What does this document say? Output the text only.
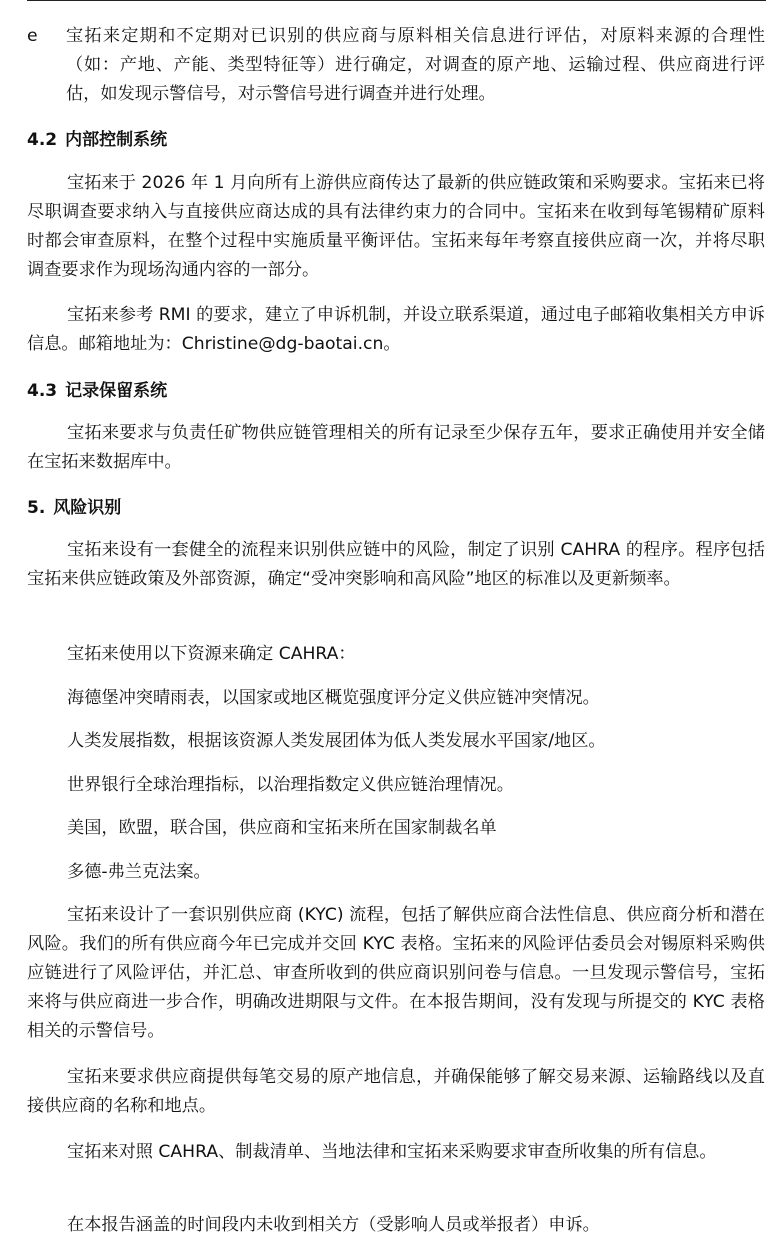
e	宝拓来定期和不定期对已识别的供应商与原料相关信息进行评估，对原料来源的合理性（如：产地、产能、类型特征等）进行确定，对调查的原产地、运输过程、供应商进行评估，如发现示警信号，对示警信号进行调查并进行处理。
4.2 内部控制系统

宝拓来于 2026 年 1 月向所有上游供应商传达了最新的供应链政策和采购要求。宝拓来已将尽职调查要求纳入与直接供应商达成的具有法律约束力的合同中。宝拓来在收到每笔锡精矿原料时都会审查原料，在整个过程中实施质量平衡评估。宝拓来每年考察直接供应商一次，并将尽职调查要求作为现场沟通内容的一部分。

宝拓来参考 RMI 的要求，建立了申诉机制，并设立联系渠道，通过电子邮箱收集相关方申诉信息。邮箱地址为：Christine@dg-baotai.cn。

4.3 记录保留系统

宝拓来要求与负责任矿物供应链管理相关的所有记录至少保存五年，要求正确使用并安全储在宝拓来数据库中。

5. 风险识别

宝拓来设有一套健全的流程来识别供应链中的风险，制定了识别 CAHRA 的程序。程序包括宝拓来供应链政策及外部资源，确定“受冲突影响和高风险”地区的标准以及更新频率。

宝拓来使用以下资源来确定 CAHRA：

海德堡冲突晴雨表，以国家或地区概览强度评分定义供应链冲突情况。

人类发展指数，根据该资源人类发展团体为低人类发展水平国家/地区。

世界银行全球治理指标，以治理指数定义供应链治理情况。

美国，欧盟，联合国，供应商和宝拓来所在国家制裁名单

多德-弗兰克法案。

宝拓来设计了一套识别供应商 (KYC) 流程，包括了解供应商合法性信息、供应商分析和潜在风险。我们的所有供应商今年已完成并交回 KYC 表格。宝拓来的风险评估委员会对锡原料采购供应链进行了风险评估，并汇总、审查所收到的供应商识别问卷与信息。一旦发现示警信号，宝拓来将与供应商进一步合作，明确改进期限与文件。在本报告期间，没有发现与所提交的 KYC 表格相关的示警信号。

宝拓来要求供应商提供每笔交易的原产地信息，并确保能够了解交易来源、运输路线以及直接供应商的名称和地点。

宝拓来对照 CAHRA、制裁清单、当地法律和宝拓来采购要求审查所收集的所有信息。

在本报告涵盖的时间段内未收到相关方（受影响人员或举报者）申诉。
